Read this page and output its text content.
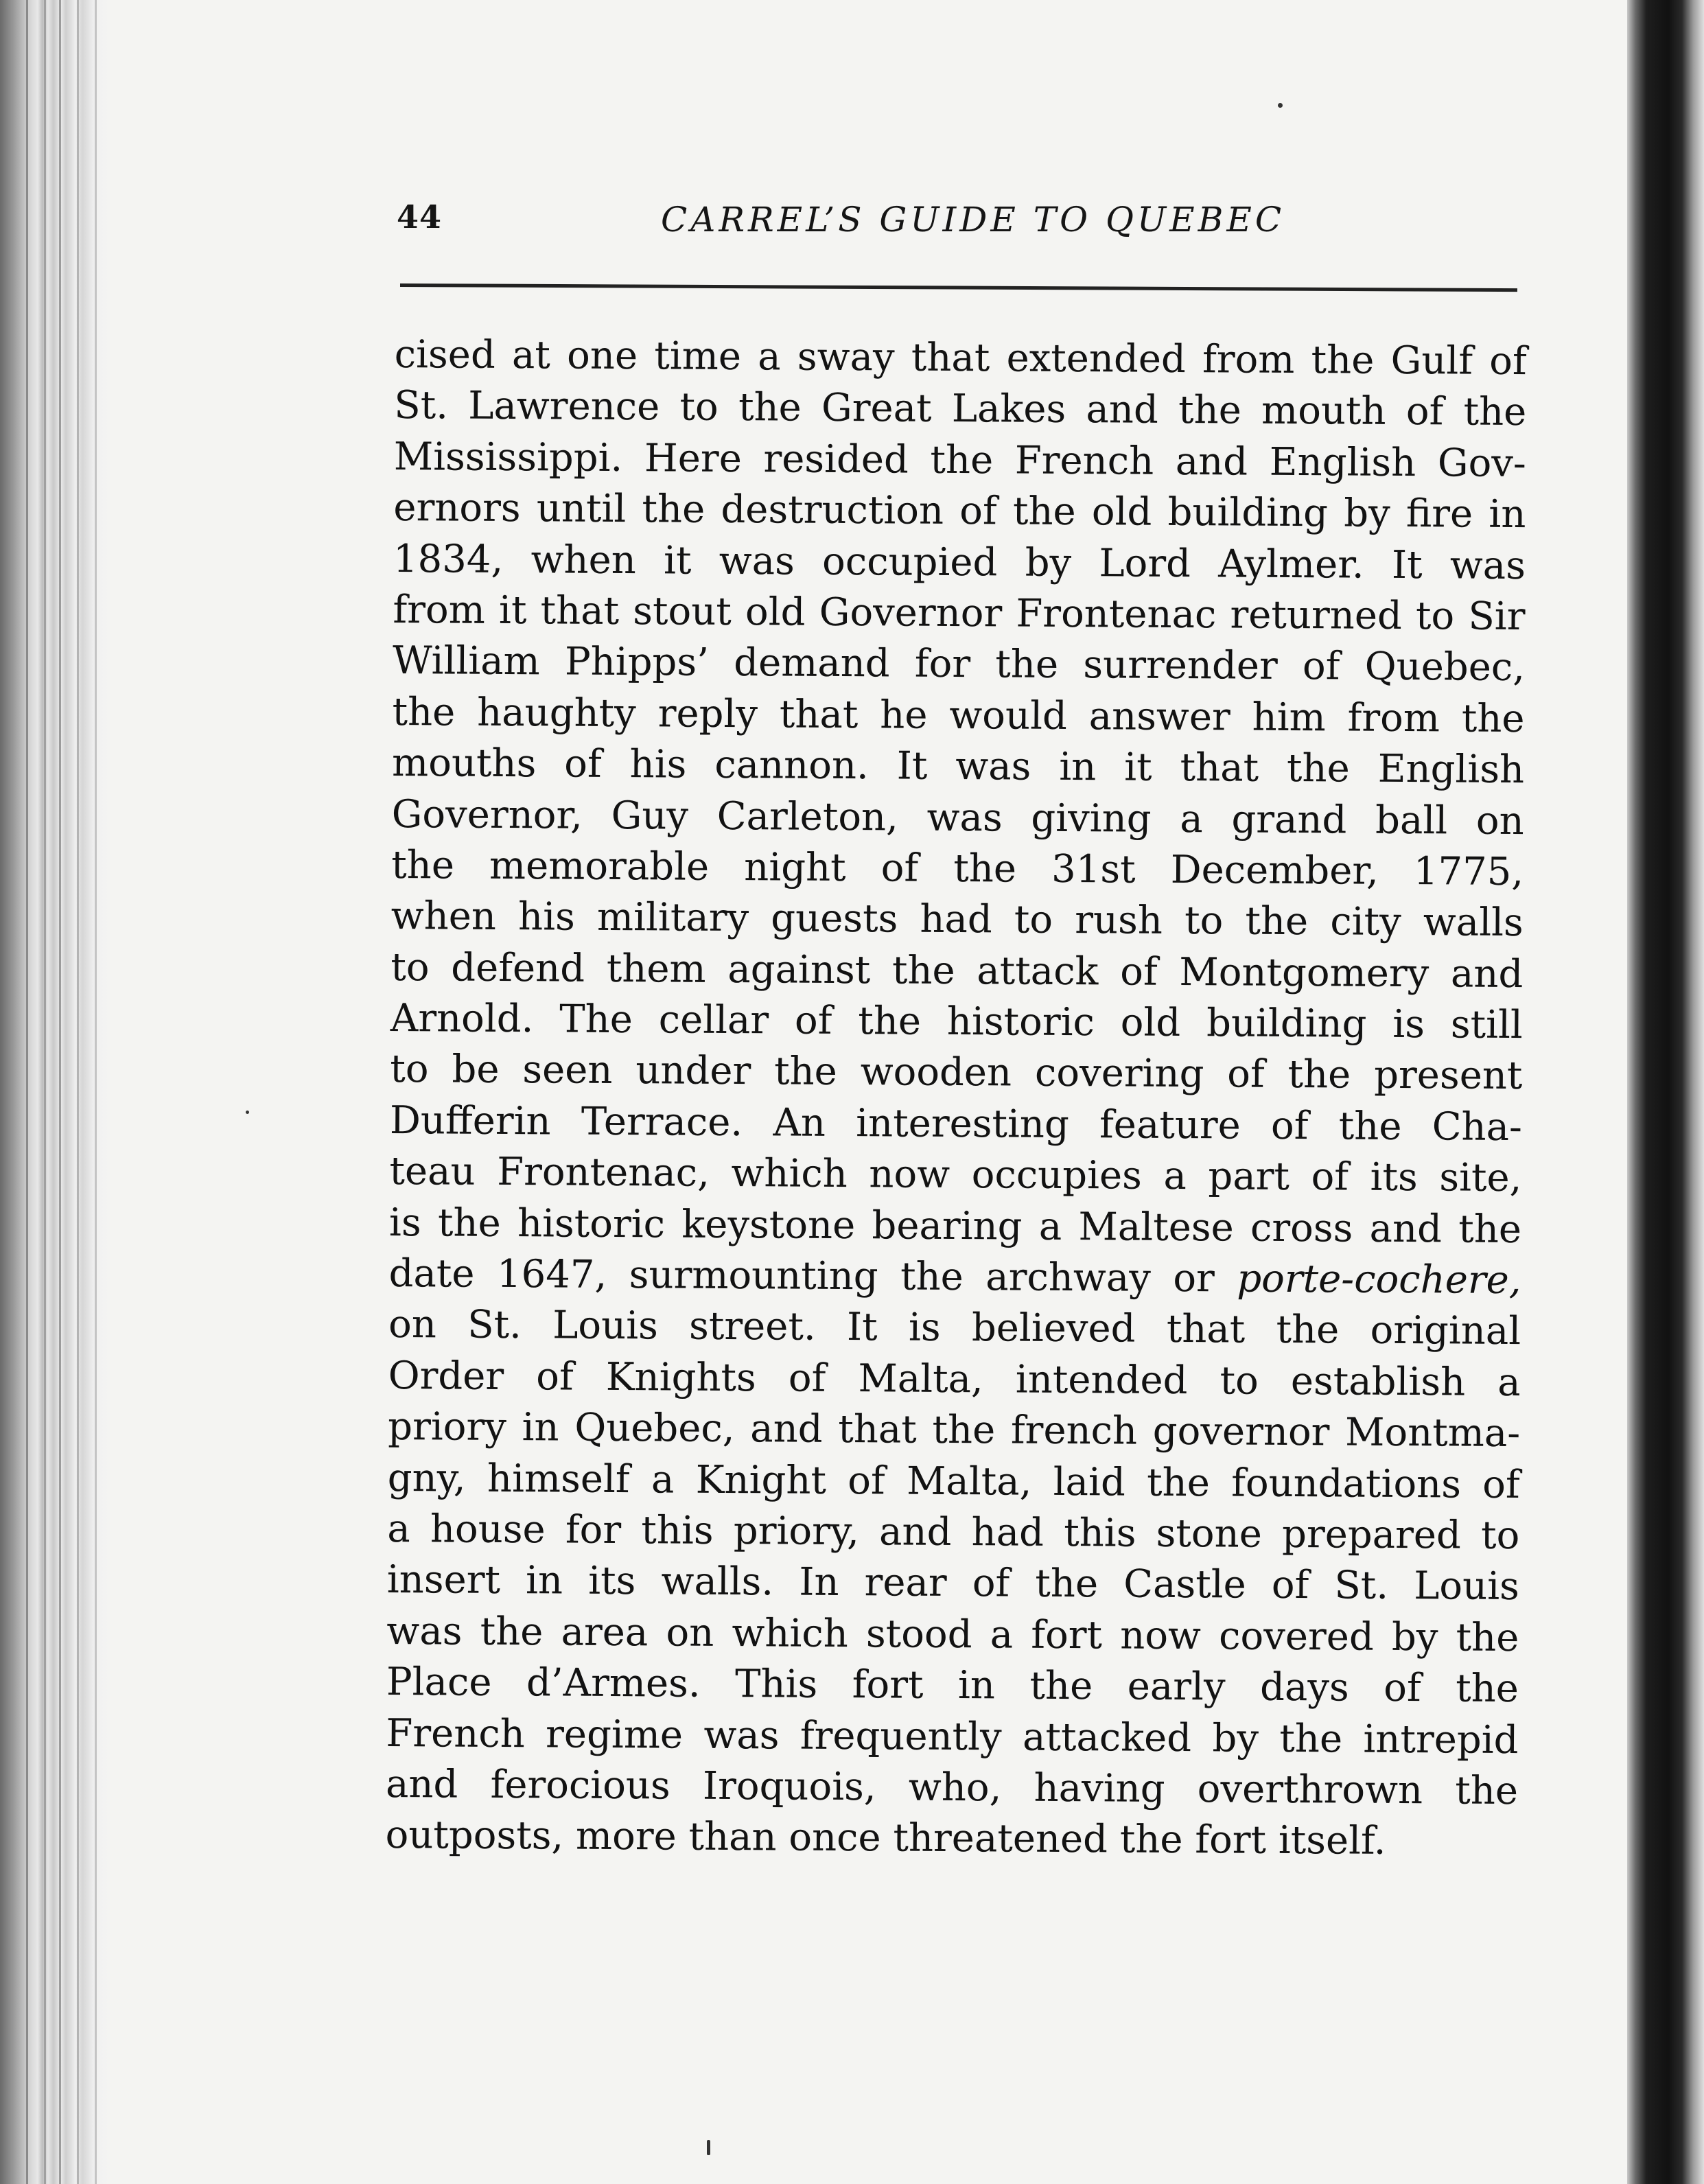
44	CARREL’S GUIDE TO QUEBEC
cised at one time a sway that extended from the Gulf of
St. Lawrence to the Great Lakes and the mouth of the
Mississippi. Here resided the French and English Gov-
ernors until the destruction of the old building by fire in
1834, when it was occupied by Lord Aylmer. It was
from it that stout old Governor Frontenac returned to Sir
William Phipps’ demand for the surrender of Quebec,
the haughty reply that he would answer him from the
mouths of his cannon. It was in it that the English
Governor, Guy Carleton, was giving a grand ball on
the memorable night of the 31st December, 1775,
when his military guests had to rush to the city walls
to defend them against the attack of Montgomery and
Arnold. The cellar of the historic old building is still
to be seen under the wooden covering of the present
Dufferin Terrace. An interesting feature of the Cha-
teau Frontenac, which now occupies a part of its site,
is the historic keystone bearing a Maltese cross and the
date 1647, surmounting the archway or porte-cochere,
on St. Louis street. It is believed that the original
Order of Knights of Malta, intended to establish a
priory in Quebec, and that the french governor Montma-
gny, himself a Knight of Malta, laid the foundations of
a house for this priory, and had this stone prepared to
insert in its walls. In rear of the Castle of St. Louis
was the area on which stood a fort now covered by the
Place d’Armes. This fort in the early days of the
French regime was frequently attacked by the intrepid
and ferocious Iroquois, who, having overthrown the
outposts, more than once threatened the fort itself.
